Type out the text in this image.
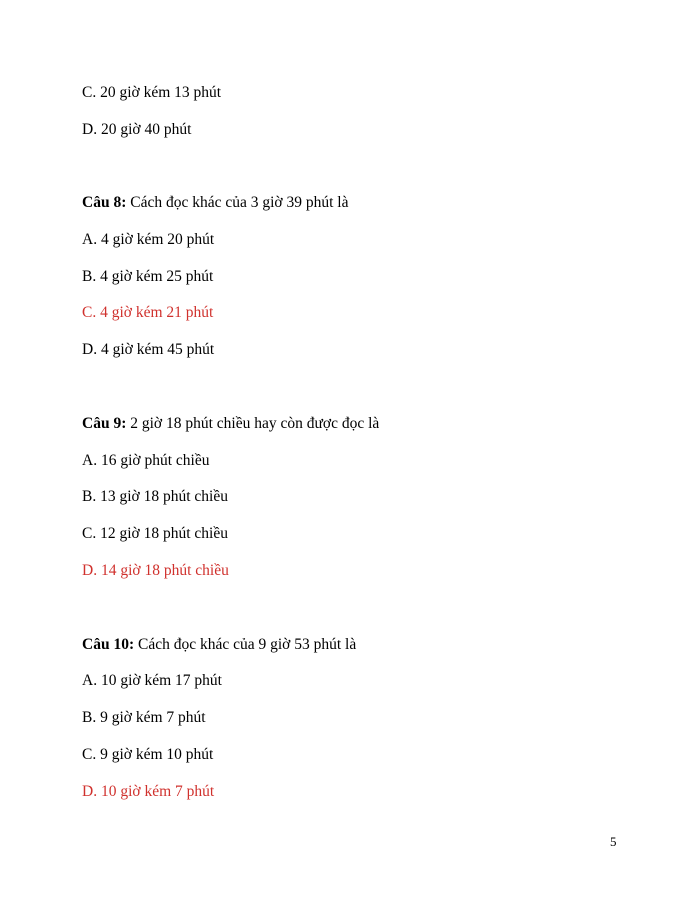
C. 20 giờ kém 13 phút
D. 20 giờ 40 phút
Câu 8: Cách đọc khác của 3 giờ 39 phút là
A. 4 giờ kém 20 phút
B. 4 giờ kém 25 phút
C. 4 giờ kém 21 phút
D. 4 giờ kém 45 phút
Câu 9: 2 giờ 18 phút chiều hay còn được đọc là
A. 16 giờ phút chiều
B. 13 giờ 18 phút chiều
C. 12 giờ 18 phút chiều
D. 14 giờ 18 phút chiều
Câu 10: Cách đọc khác của 9 giờ 53 phút là
A. 10 giờ kém 17 phút
B. 9 giờ kém 7 phút
C. 9 giờ kém 10 phút
D. 10 giờ kém 7 phút
5
